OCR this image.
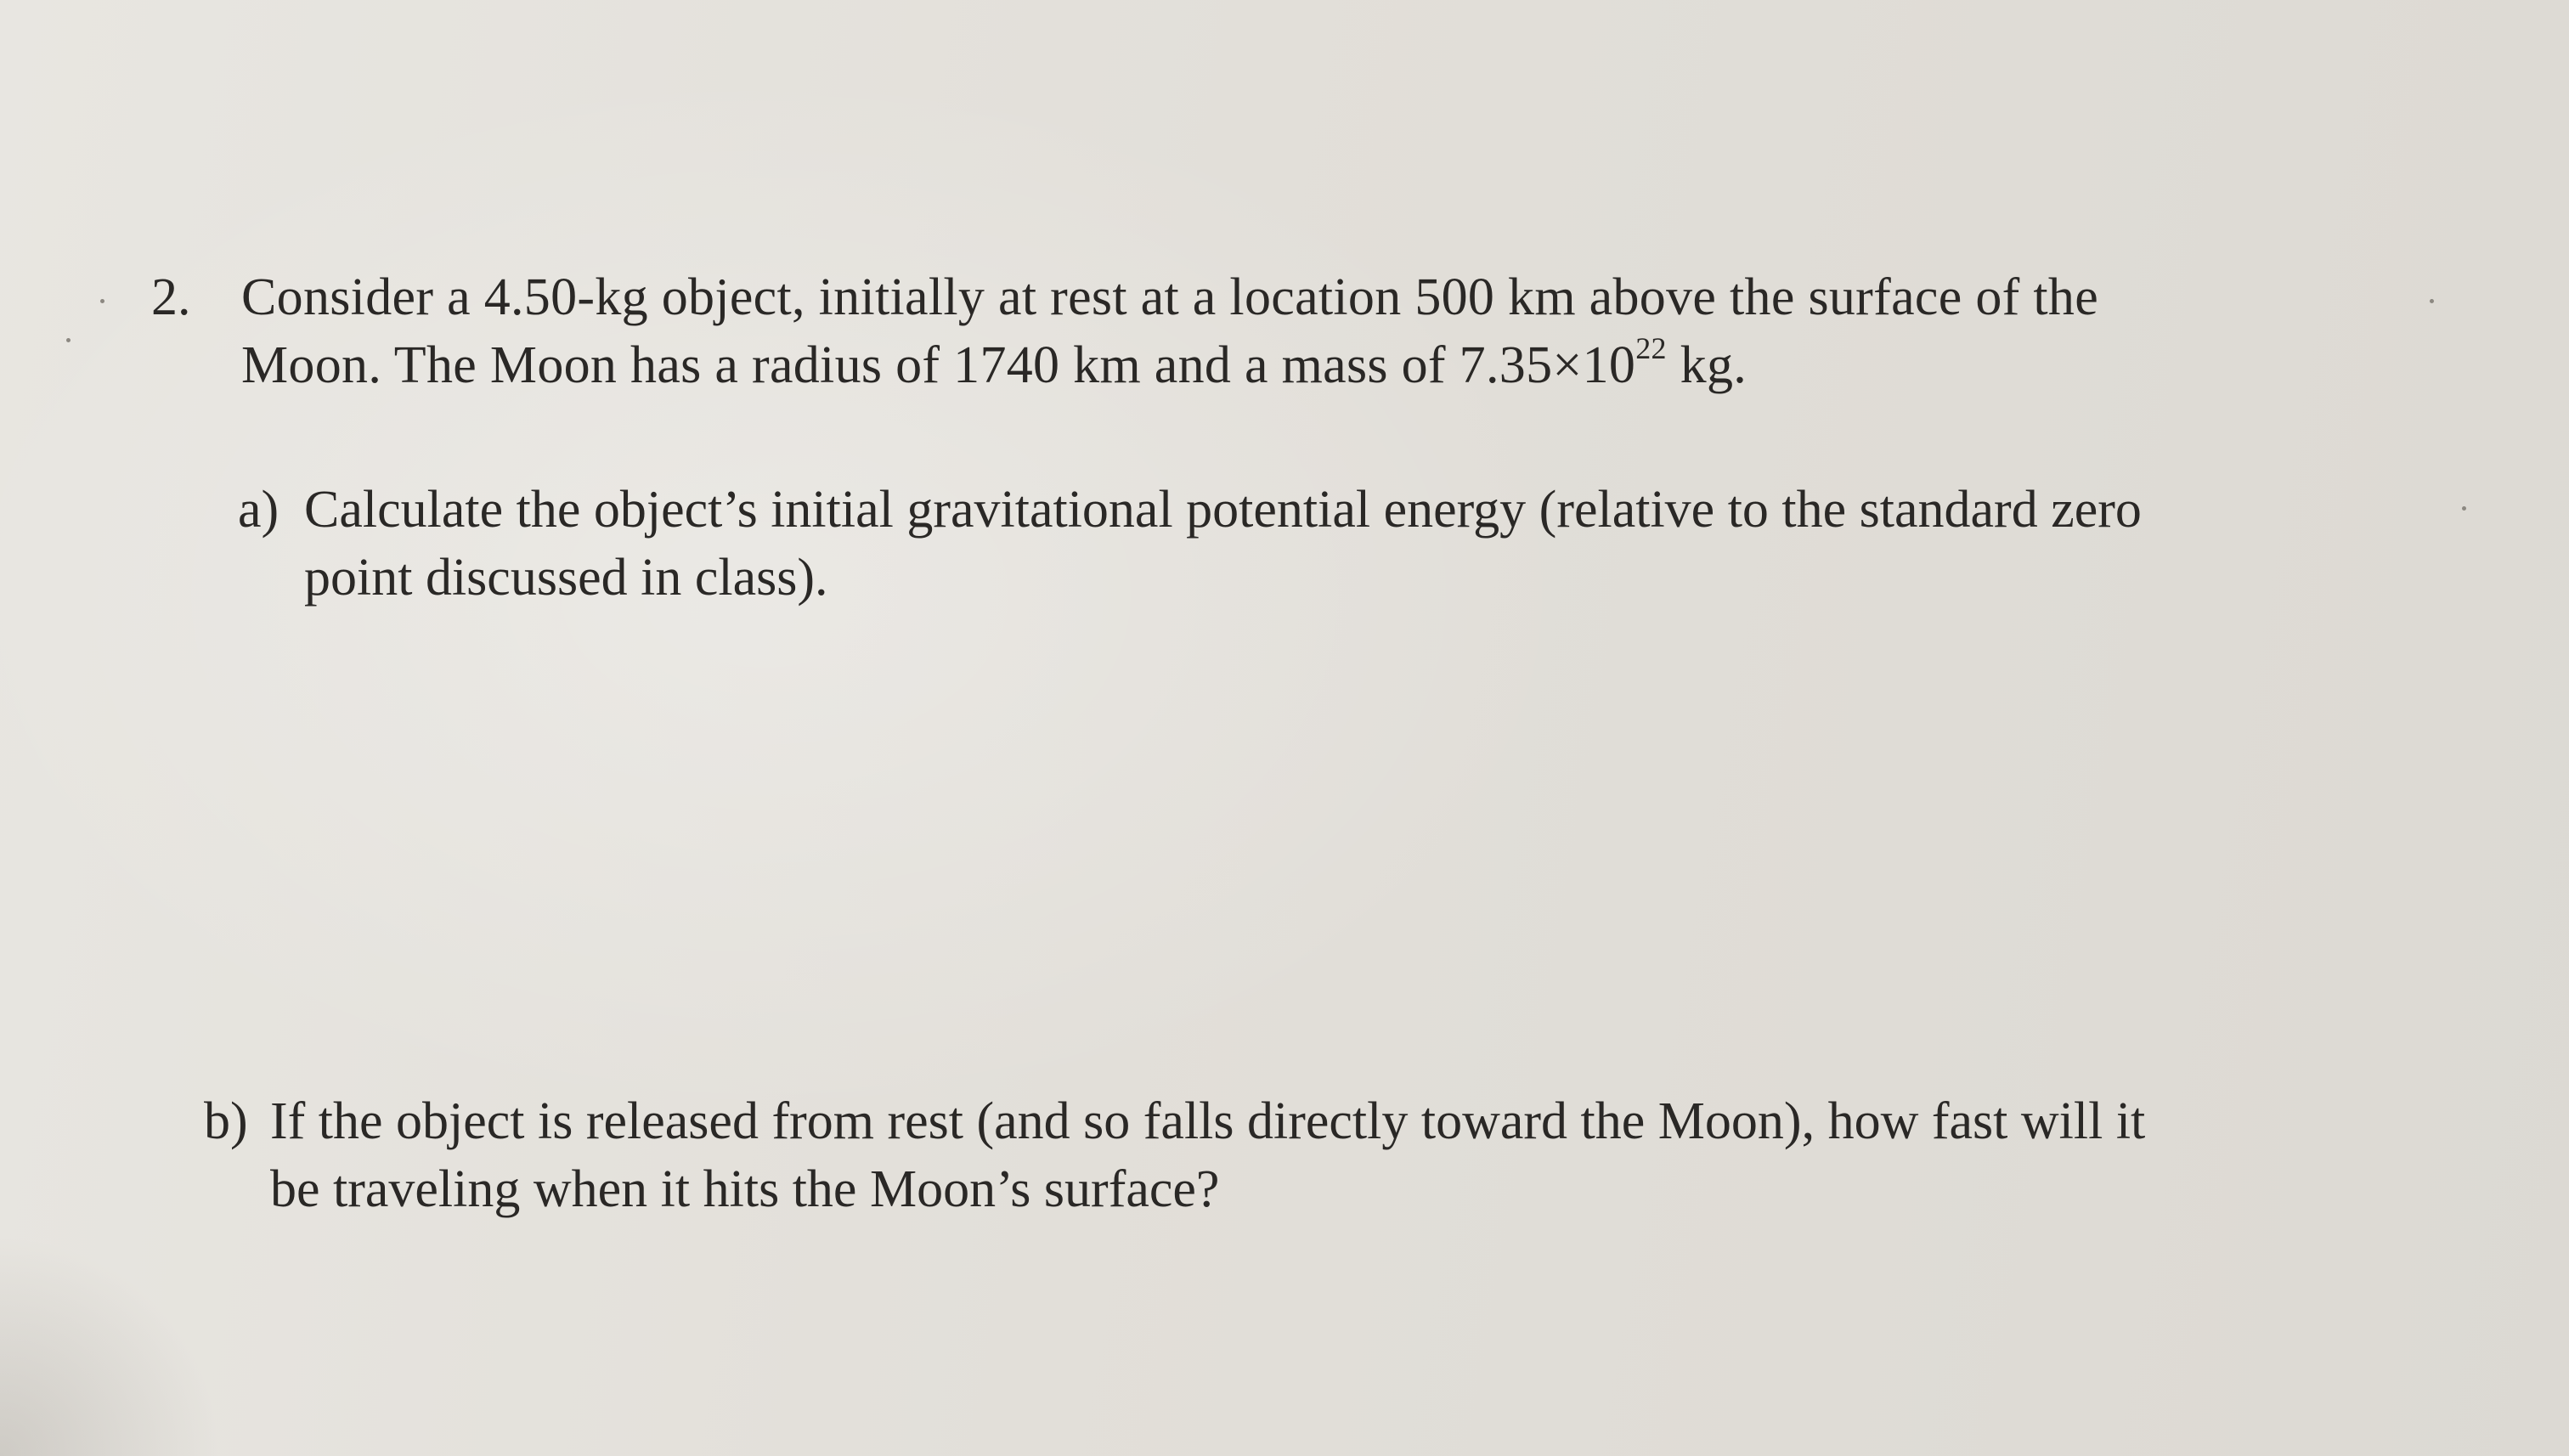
2. Consider a 4.50-kg object, initially at rest at a location 500 km above the surface of the
Moon. The Moon has a radius of 1740 km and a mass of $7.35\times 10^{22}$ kg.
a) Calculate the object’s initial gravitational potential energy (relative to the standard zero
point discussed in class).
b) If the object is released from rest (and so falls directly toward the Moon), how fast will it
be traveling when it hits the Moon’s surface?
